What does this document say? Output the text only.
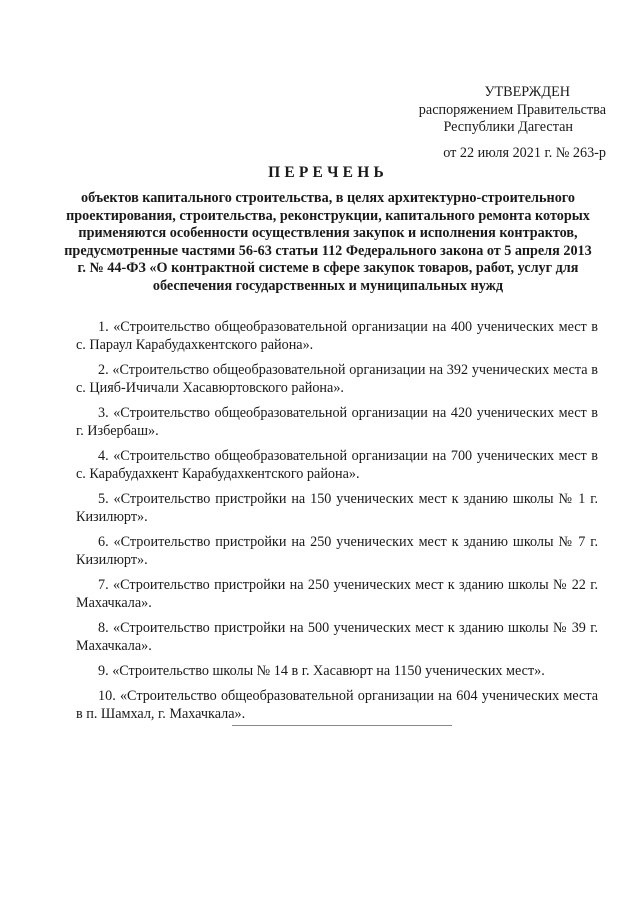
УТВЕРЖДЕН
распоряжением Правительства
Республики Дагестан
от 22 июля 2021 г. № 263-р
ПЕРЕЧЕНЬ
объектов капитального строительства, в целях архитектурно-строительного проектирования, строительства, реконструкции, капитального ремонта которых применяются особенности осуществления закупок и исполнения контрактов, предусмотренные частями 56-63 статьи 112 Федерального закона от 5 апреля 2013 г. № 44-ФЗ «О контрактной системе в сфере закупок товаров, работ, услуг для обеспечения государственных и муниципальных нужд

1. «Строительство общеобразовательной организации на 400 ученических мест в с. Параул Карабудахкентского района».

2. «Строительство общеобразовательной организации на 392 ученических места в с. Цияб-Ичичали Хасавюртовского района».

3. «Строительство общеобразовательной организации на 420 ученических мест в г. Избербаш».

4. «Строительство общеобразовательной организации на 700 ученических мест в с. Карабудахкент Карабудахкентского района».

5. «Строительство пристройки на 150 ученических мест к зданию школы № 1 г. Кизилюрт».

6. «Строительство пристройки на 250 ученических мест к зданию школы № 7 г. Кизилюрт».

7. «Строительство пристройки на 250 ученических мест к зданию школы № 22 г. Махачкала».

8. «Строительство пристройки на 500 ученических мест к зданию школы № 39 г. Махачкала».

9. «Строительство школы № 14 в г. Хасавюрт на 1150 ученических мест».

10. «Строительство общеобразовательной организации на 604 ученических места в п. Шамхал, г. Махачкала».
